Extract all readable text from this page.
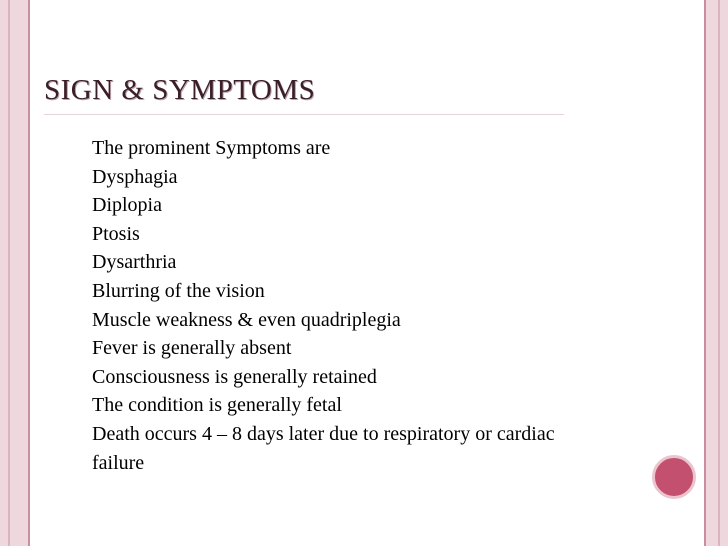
SIGN & SYMPTOMS
The prominent Symptoms are
Dysphagia
Diplopia
Ptosis
Dysarthria
Blurring of the vision
Muscle weakness & even quadriplegia
Fever is generally absent
Consciousness is generally retained
The condition is generally fetal
Death occurs 4 – 8 days later due to respiratory or cardiac
failure
